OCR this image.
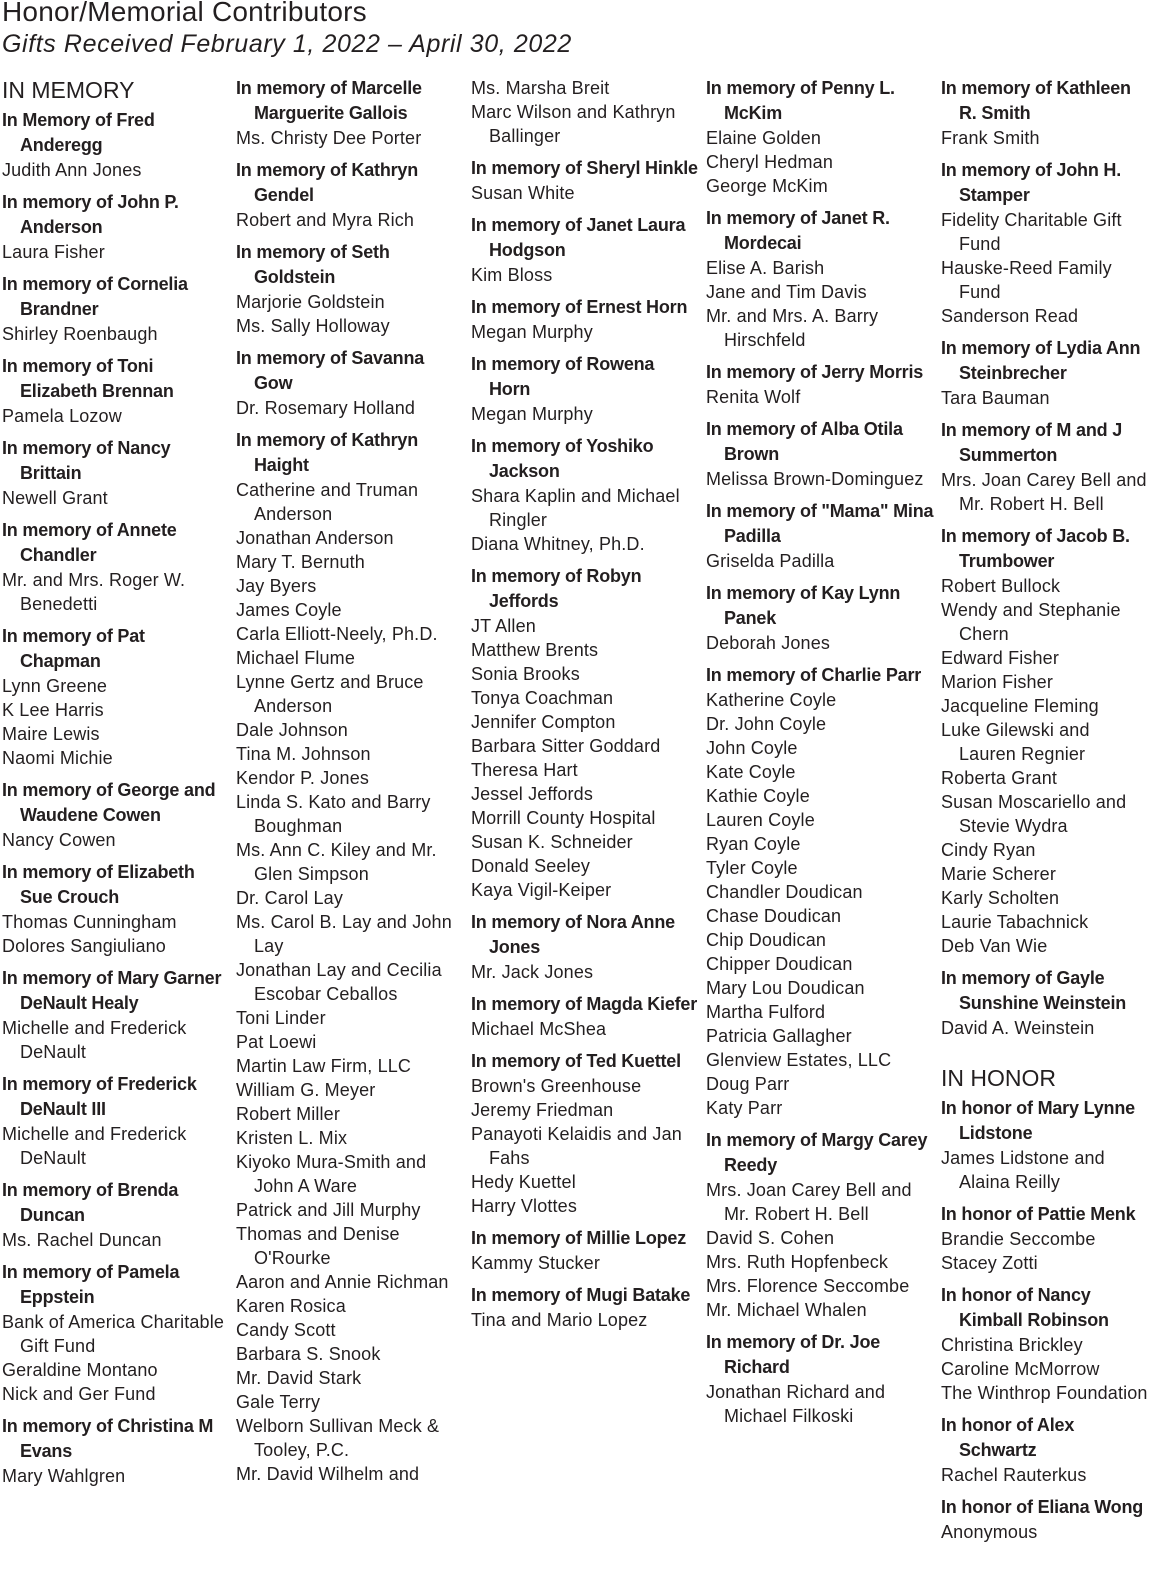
Honor/Memorial Contributors
Gifts Received February 1, 2022 – April 30, 2022
IN MEMORY
In Memory of Fred Anderegg
Judith Ann Jones
In memory of John P. Anderson
Laura Fisher
In memory of Cornelia Brandner
Shirley Roenbaugh
In memory of Toni Elizabeth Brennan
Pamela Lozow
In memory of Nancy Brittain
Newell Grant
In memory of Annete Chandler
Mr. and Mrs. Roger W. Benedetti
In memory of Pat Chapman
Lynn Greene
K Lee Harris
Maire Lewis
Naomi Michie
In memory of George and Waudene Cowen
Nancy Cowen
In memory of Elizabeth Sue Crouch
Thomas Cunningham
Dolores Sangiuliano
In memory of Mary Garner DeNault Healy
Michelle and Frederick DeNault
In memory of Frederick DeNault III
Michelle and Frederick DeNault
In memory of Brenda Duncan
Ms. Rachel Duncan
In memory of Pamela Eppstein
Bank of America Charitable Gift Fund
Geraldine Montano
Nick and Ger Fund
In memory of Christina M Evans
Mary Wahlgren
In memory of Marcelle Marguerite Gallois
Ms. Christy Dee Porter
In memory of Kathryn Gendel
Robert and Myra Rich
In memory of Seth Goldstein
Marjorie Goldstein
Ms. Sally Holloway
In memory of Savanna Gow
Dr. Rosemary Holland
In memory of Kathryn Haight
Catherine and Truman Anderson
Jonathan Anderson
Mary T. Bernuth
Jay Byers
James Coyle
Carla Elliott-Neely, Ph.D.
Michael Flume
Lynne Gertz and Bruce Anderson
Dale Johnson
Tina M. Johnson
Kendor P. Jones
Linda S. Kato and Barry Boughman
Ms. Ann C. Kiley and Mr. Glen Simpson
Dr. Carol Lay
Ms. Carol B. Lay and John Lay
Jonathan Lay and Cecilia Escobar Ceballos
Toni Linder
Pat Loewi
Martin Law Firm, LLC
William G. Meyer
Robert Miller
Kristen L. Mix
Kiyoko Mura-Smith and John A Ware
Patrick and Jill Murphy
Thomas and Denise O'Rourke
Aaron and Annie Richman
Karen Rosica
Candy Scott
Barbara S. Snook
Mr. David Stark
Gale Terry
Welborn Sullivan Meck & Tooley, P.C.
Mr. David Wilhelm and
Ms. Marsha Breit
Marc Wilson and Kathryn Ballinger
In memory of Sheryl Hinkle
Susan White
In memory of Janet Laura Hodgson
Kim Bloss
In memory of Ernest Horn
Megan Murphy
In memory of Rowena Horn
Megan Murphy
In memory of Yoshiko Jackson
Shara Kaplin and Michael Ringler
Diana Whitney, Ph.D.
In memory of Robyn Jeffords
JT Allen
Matthew Brents
Sonia Brooks
Tonya Coachman
Jennifer Compton
Barbara Sitter Goddard
Theresa Hart
Jessel Jeffords
Morrill County Hospital
Susan K. Schneider
Donald Seeley
Kaya Vigil-Keiper
In memory of Nora Anne Jones
Mr. Jack Jones
In memory of Magda Kiefer
Michael McShea
In memory of Ted Kuettel
Brown's Greenhouse
Jeremy Friedman
Panayoti Kelaidis and Jan Fahs
Hedy Kuettel
Harry Vlottes
In memory of Millie Lopez
Kammy Stucker
In memory of Mugi Batake
Tina and Mario Lopez
In memory of Penny L. McKim
Elaine Golden
Cheryl Hedman
George McKim
In memory of Janet R. Mordecai
Elise A. Barish
Jane and Tim Davis
Mr. and Mrs. A. Barry Hirschfeld
In memory of Jerry Morris
Renita Wolf
In memory of Alba Otila Brown
Melissa Brown-Dominguez
In memory of "Mama" Mina Padilla
Griselda Padilla
In memory of Kay Lynn Panek
Deborah Jones
In memory of Charlie Parr
Katherine Coyle
Dr. John Coyle
John Coyle
Kate Coyle
Kathie Coyle
Lauren Coyle
Ryan Coyle
Tyler Coyle
Chandler Doudican
Chase Doudican
Chip Doudican
Chipper Doudican
Mary Lou Doudican
Martha Fulford
Patricia Gallagher
Glenview Estates, LLC
Doug Parr
Katy Parr
In memory of Margy Carey Reedy
Mrs. Joan Carey Bell and Mr. Robert H. Bell
David S. Cohen
Mrs. Ruth Hopfenbeck
Mrs. Florence Seccombe
Mr. Michael Whalen
In memory of Dr. Joe Richard
Jonathan Richard and Michael Filkoski
In memory of Kathleen R. Smith
Frank Smith
In memory of John H. Stamper
Fidelity Charitable Gift Fund
Hauske-Reed Family Fund
Sanderson Read
In memory of Lydia Ann Steinbrecher
Tara Bauman
In memory of M and J Summerton
Mrs. Joan Carey Bell and Mr. Robert H. Bell
In memory of Jacob B. Trumbower
Robert Bullock
Wendy and Stephanie Chern
Edward Fisher
Marion Fisher
Jacqueline Fleming
Luke Gilewski and Lauren Regnier
Roberta Grant
Susan Moscariello and Stevie Wydra
Cindy Ryan
Marie Scherer
Karly Scholten
Laurie Tabachnick
Deb Van Wie
In memory of Gayle Sunshine Weinstein
David A. Weinstein
IN HONOR
In honor of Mary Lynne Lidstone
James Lidstone and Alaina Reilly
In honor of Pattie Menk
Brandie Seccombe
Stacey Zotti
In honor of Nancy Kimball Robinson
Christina Brickley
Caroline McMorrow
The Winthrop Foundation
In honor of Alex Schwartz
Rachel Rauterkus
In honor of Eliana Wong
Anonymous
